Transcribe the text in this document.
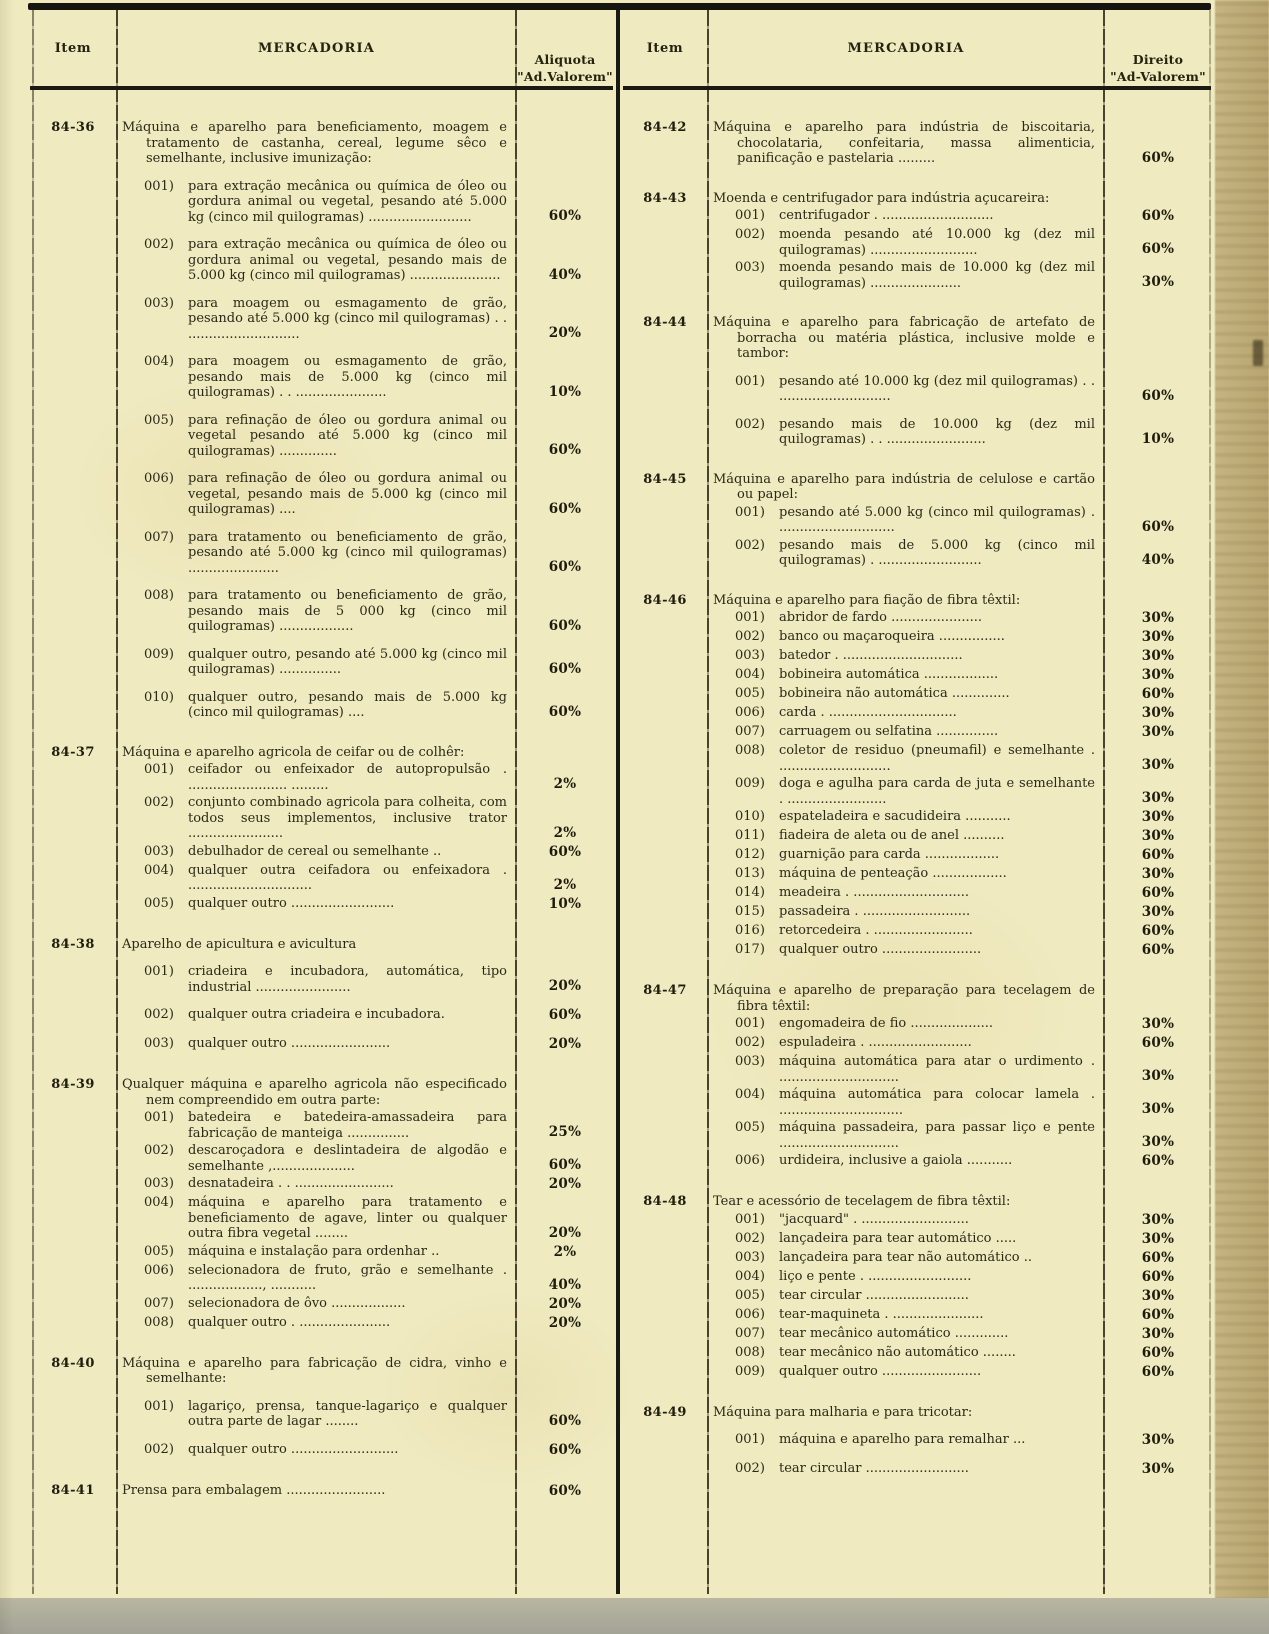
Item	MERCADORIA
Aliquota
"Ad.Valorem"
84-36	Máquina e aparelho para beneficiamento, moagem e tratamento de castanha, cereal, legume sêco e semelhante, inclusive imunização:
001)	para extração mecânica ou química de óleo ou gordura animal ou vegetal, pesando até 5.000 kg (cinco mil quilogramas) .........................	60%
002)	para extração mecânica ou química de óleo ou gordura animal ou vegetal, pesando mais de 5.000 kg (cinco mil quilogramas) ......................	40%
003)	para moagem ou esmagamento de grão, pesando até 5.000 kg (cinco mil quilogramas) . . ...........................	20%
004)	para moagem ou esmagamento de grão, pesando mais de 5.000 kg (cinco mil quilogramas) . . ......................	10%
005)	para refinação de óleo ou gordura animal ou vegetal pesando até 5.000 kg (cinco mil quilogramas) ..............	60%
006)	para refinação de óleo ou gordura animal ou vegetal, pesando mais de 5.000 kg (cinco mil quilogramas) ....	60%
007)	para tratamento ou beneficiamento de grão, pesando até 5.000 kg (cinco mil quilogramas) ......................	60%
008)	para tratamento ou beneficiamento de grão, pesando mais de 5 000 kg (cinco mil quilogramas) ..................	60%
009)	qualquer outro, pesando até 5.000 kg (cinco mil quilogramas) ...............	60%
010)	qualquer outro, pesando mais de 5.000 kg (cinco mil quilogramas) ....	60%
84-37	Máquina e aparelho agricola de ceifar ou de colhêr:
001)	ceifador ou enfeixador de autopropulsão . ........................ .........	2%
002)	conjunto combinado agricola para colheita, com todos seus implementos, inclusive trator .......................	2%
003)	debulhador de cereal ou semelhante ..	60%
004)	qualquer outra ceifadora ou enfeixadora . ..............................	2%
005)	qualquer outro .........................	10%
84-38	Aparelho de apicultura e avicultura
001)	criadeira e incubadora, automática, tipo industrial .......................	20%
002)	qualquer outra criadeira e incubadora.	60%
003)	qualquer outro ........................	20%
84-39	Qualquer máquina e aparelho agricola não especificado nem compreendido em outra parte:
001)	batedeira e batedeira-amassadeira para fabricação de manteiga ...............	25%
002)	descaroçadora e deslintadeira de algodão e semelhante ,....................	60%
003)	desnatadeira . . ........................	20%
004)	máquina e aparelho para tratamento e beneficiamento de agave, linter ou qualquer outra fibra vegetal ........	20%
005)	máquina e instalação para ordenhar ..	2%
006)	selecionadora de fruto, grão e semelhante . .................., ...........	40%
007)	selecionadora de ôvo ..................	20%
008)	qualquer outro . ......................	20%
84-40	Máquina e aparelho para fabricação de cidra, vinho e semelhante:
001)	lagariço, prensa, tanque-lagariço e qualquer outra parte de lagar ........	60%
002)	qualquer outro ..........................	60%
84-41	Prensa para embalagem ........................	60%
Item	MERCADORIA
Direito
"Ad-Valorem"
84-42	Máquina e aparelho para indústria de biscoitaria, chocolataria, confeitaria, massa alimenticia, panificação e pastelaria .........	60%
84-43	Moenda e centrifugador para indústria açucareira:
001)	centrifugador . ...........................	60%
002)	moenda pesando até 10.000 kg (dez mil quilogramas) ..........................	60%
003)	moenda pesando mais de 10.000 kg (dez mil quilogramas) ......................	30%
84-44	Máquina e aparelho para fabricação de artefato de borracha ou matéria plástica, inclusive molde e tambor:
001)	pesando até 10.000 kg (dez mil quilogramas) . . ...........................	60%
002)	pesando mais de 10.000 kg (dez mil quilogramas) . . ........................	10%
84-45	Máquina e aparelho para indústria de celulose e cartão ou papel:
001)	pesando até 5.000 kg (cinco mil quilogramas) . ............................	60%
002)	pesando mais de 5.000 kg (cinco mil quilogramas) . .........................	40%
84-46	Máquina e aparelho para fiação de fibra têxtil:
001)	abridor de fardo ......................	30%
002)	banco ou maçaroqueira ................	30%
003)	batedor . .............................	30%
004)	bobineira automática ..................	30%
005)	bobineira não automática ..............	60%
006)	carda . ...............................	30%
007)	carruagem ou selfatina ...............	30%
008)	coletor de residuo (pneumafil) e semelhante . ...........................	30%
009)	doga e agulha para carda de juta e semelhante . ........................	30%
010)	espateladeira e sacudideira ...........	30%
011)	fiadeira de aleta ou de anel ..........	30%
012)	guarnição para carda ..................	60%
013)	máquina de penteação ..................	30%
014)	meadeira . ............................	60%
015)	passadeira . ..........................	30%
016)	retorcedeira . ........................	60%
017)	qualquer outro ........................	60%
84-47	Máquina e aparelho de preparação para tecelagem de fibra têxtil:
001)	engomadeira de fio ....................	30%
002)	espuladeira . .........................	60%
003)	máquina automática para atar o urdimento . .............................	30%
004)	máquina automática para colocar lamela . ..............................	30%
005)	máquina passadeira, para passar liço e pente .............................	30%
006)	urdideira, inclusive a gaiola ...........	60%
84-48	Tear e acessório de tecelagem de fibra têxtil:
001)	"jacquard" . ..........................	30%
002)	lançadeira para tear automático .....	30%
003)	lançadeira para tear não automático ..	60%
004)	liço e pente . .........................	60%
005)	tear circular .........................	30%
006)	tear-maquineta . ......................	60%
007)	tear mecânico automático .............	30%
008)	tear mecânico não automático ........	60%
009)	qualquer outro ........................	60%
84-49	Máquina para malharia e para tricotar:
001)	máquina e aparelho para remalhar ...	30%
002)	tear circular .........................	30%
